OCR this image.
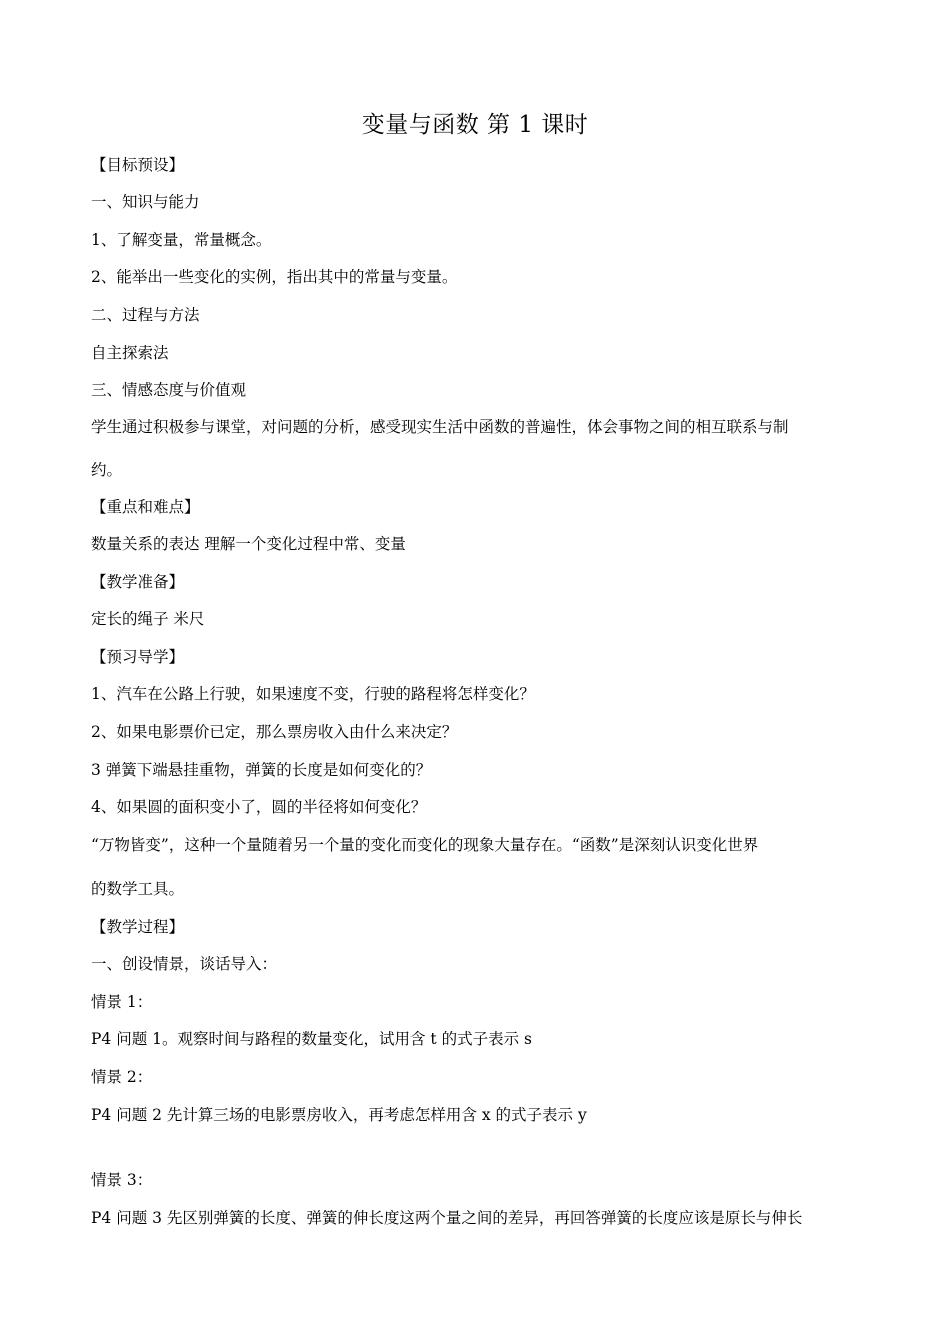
变量与函数 第 1 课时
【目标预设】
一、知识与能力
1、了解变量，常量概念。
2、能举出一些变化的实例，指出其中的常量与变量。
二、过程与方法
自主探索法
三、情感态度与价值观
学生通过积极参与课堂，对问题的分析，感受现实生活中函数的普遍性，体会事物之间的相互联系与制
约。
【重点和难点】
数量关系的表达 理解一个变化过程中常、变量
【教学准备】
定长的绳子 米尺
【预习导学】
1、汽车在公路上行驶，如果速度不变，行驶的路程将怎样变化？
2、如果电影票价已定，那么票房收入由什么来决定？
3 弹簧下端悬挂重物，弹簧的长度是如何变化的？
4、如果圆的面积变小了，圆的半径将如何变化？
“万物皆变”，这种一个量随着另一个量的变化而变化的现象大量存在。“函数”是深刻认识变化世界
的数学工具。
【教学过程】
一、创设情景，谈话导入：
情景 1：
P4 问题 1。观察时间与路程的数量变化，试用含 t 的式子表示 s
情景 2：
P4 问题 2 先计算三场的电影票房收入，再考虑怎样用含 x 的式子表示 y
情景 3：
P4 问题 3 先区别弹簧的长度、弹簧的伸长度这两个量之间的差异，再回答弹簧的长度应该是原长与伸长
